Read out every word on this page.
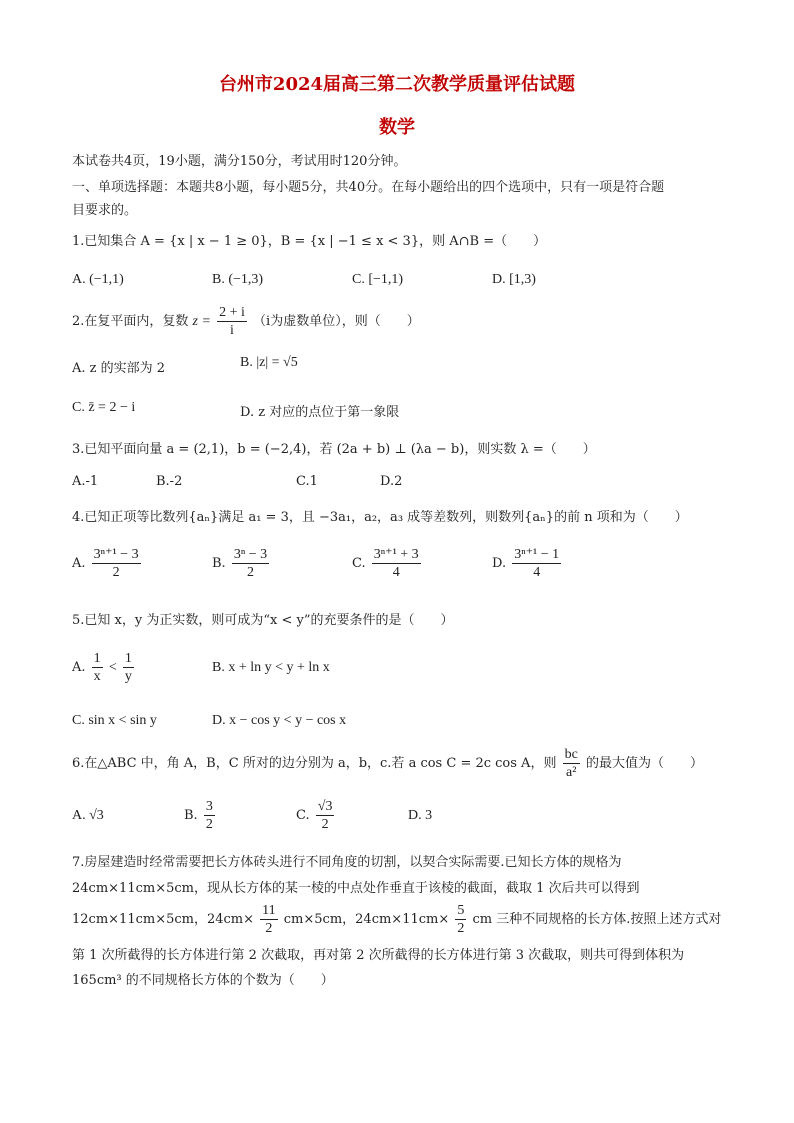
台州市2024届高三第二次教学质量评估试题
数学
本试卷共4页，19小题，满分150分，考试用时120分钟。
一、单项选择题：本题共8小题，每小题5分，共40分。在每小题给出的四个选项中，只有一项是符合题
目要求的。
1.已知集合 A = {x | x − 1 ≥ 0}，B = {x | −1 ≤ x < 3}，则 A∩B =（　　）
A. (−1,1)	B. (−1,3)	C. [−1,1)	D. [1,3)
2.在复平面内，复数 $z = \frac{2 + i}{i} (i$为虚数单位），则（　　）
A. z 的实部为 2	B. |z| = √5
C. z̄ = 2 − i	D. z 对应的点位于第一象限
3.已知平面向量 a = (2,1)，b = (−2,4)，若 (2a + b) ⊥ (λa − b)，则实数 λ =（　　）
A.-1	B.-2	C.1	D.2
4.已知正项等比数列{aₙ}满足 a₁ = 3，且 −3a₁，a₂，a₃ 成等差数列，则数列{aₙ}的前 n 项和为（　　）
A. $\frac{\text{3ⁿ⁺¹ − 3}}{2}$	B. $\frac{\text{3ⁿ − 3}}{2}$	C. $\frac{\text{3ⁿ⁺¹ + 3}}{4}$	D. $\frac{\text{3ⁿ⁺¹ − 1}}{4}$
5.已知 x，y 为正实数，则可成为“x < y”的充要条件的是（　　）
A. $\frac{1}{x} < \frac{1}{y}$	B. x + ln y < y + ln x
C. sin x < sin y	D. x − cos y < y − cos x
6.在△ABC 中，角 A，B，C 所对的边分别为 a，b，c.若 a cos C = 2c cos A，则 $\frac{bc}{\text{a²}}$ 的最大值为（　　）
A. √3	B. $\frac{3}{2}$	C. $\frac{√3}{2}$	D. 3
7.房屋建造时经常需要把长方体砖头进行不同角度的切割，以契合实际需要.已知长方体的规格为
24cm×11cm×5cm，现从长方体的某一棱的中点处作垂直于该棱的截面，截取 1 次后共可以得到
12cm×11cm×5cm，$24cm\times \frac{11}{2} cm\times 5cm$，$24cm\times 11cm\times \frac{5}{2}$ cm 三种不同规格的长方体.按照上述方式对
第 1 次所截得的长方体进行第 2 次截取，再对第 2 次所截得的长方体进行第 3 次截取，则共可得到体积为
165cm³ 的不同规格长方体的个数为（　　）
